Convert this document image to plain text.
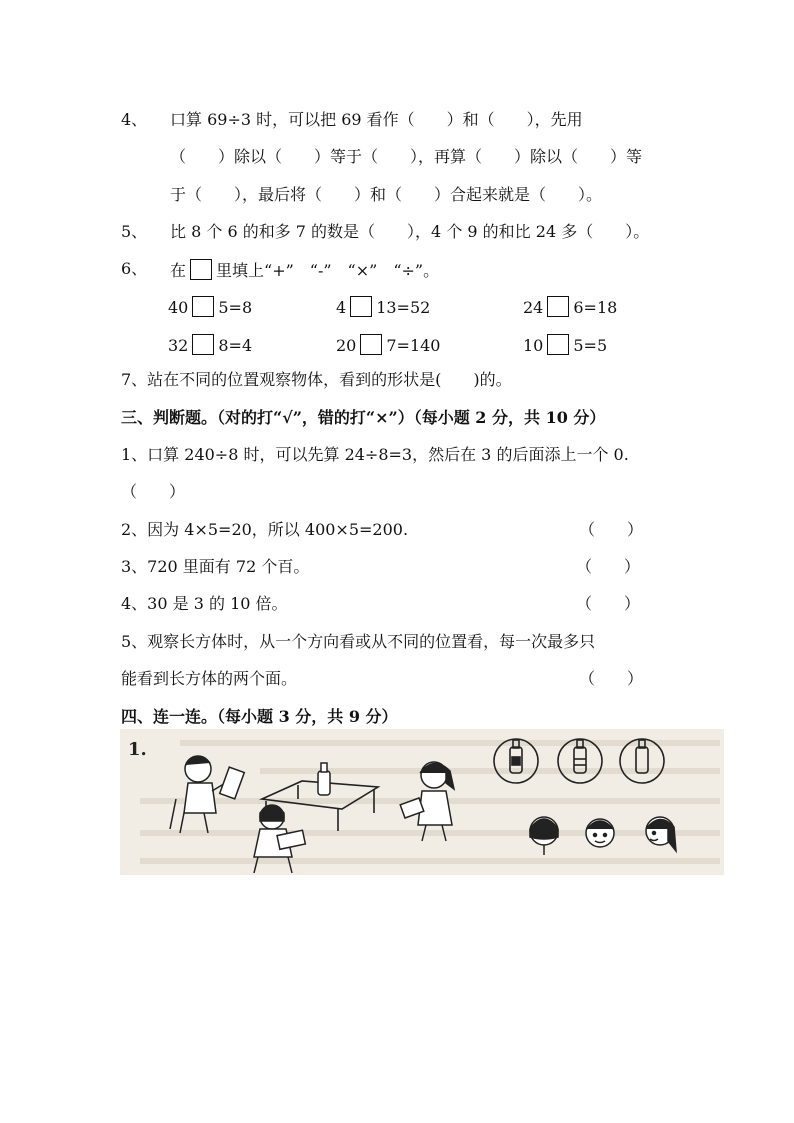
4、 口算 69÷3 时，可以把 69 看作（　　）和（　　），先用
（　　）除以（　　）等于（　　），再算（　　）除以（　　）等
于（　　），最后将（　　）和（　　）合起来就是（　　）。
5、 比 8 个 6 的和多 7 的数是（　　），4 个 9 的和比 24 多（　　）。
6、 在 里填上“+”　“-”　“×”　“÷”。
40 5=8	4 13=52	24 6=18
32 8=4	20 7=140	10 5=5
7、站在不同的位置观察物体，看到的形状是(　　)的。
三、判断题。（对的打“√”，错的打“×”）（每小题 2 分，共 10 分）
1、口算 240÷8 时，可以先算 24÷8=3，然后在 3 的后面添上一个 0.
（　　）
2、因为 4×5=20，所以 400×5=200.	（　　）
3、720 里面有 72 个百。	（　　）
4、30 是 3 的 10 倍。	（　　）
5、观察长方体时，从一个方向看或从不同的位置看，每一次最多只
能看到长方体的两个面。	（　　）
四、连一连。（每小题 3 分，共 9 分）
1.
